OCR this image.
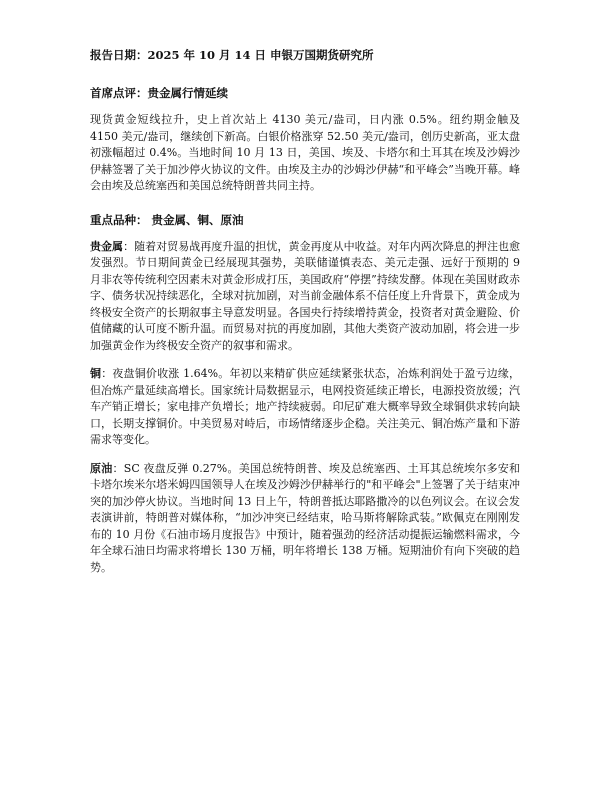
报告日期：2025 年 10 月 14 日 申银万国期货研究所
首席点评：贵金属行情延续

现货黄金短线拉升，史上首次站上 4130 美元/盎司，日内涨 0.5%。纽约期金触及 4150 美元/盎司，继续创下新高。白银价格涨穿 52.50 美元/盎司，创历史新高，亚太盘初涨幅超过 0.4%。当地时间 10 月 13 日，美国、埃及、卡塔尔和土耳其在埃及沙姆沙伊赫签署了关于加沙停火协议的文件。由埃及主办的沙姆沙伊赫“和平峰会”当晚开幕。峰会由埃及总统塞西和美国总统特朗普共同主持。

重点品种： 贵金属、铜、原油

贵金属：随着对贸易战再度升温的担忧，黄金再度从中收益。对年内两次降息的押注也愈发强烈。节日期间黄金已经展现其强势，美联储谨慎表态、美元走强、远好于预期的 9 月非农等传统利空因素未对黄金形成打压，美国政府“停摆”持续发酵。体现在美国财政赤字、债务状况持续恶化，全球对抗加剧，对当前金融体系不信任度上升背景下，黄金成为终极安全资产的长期叙事主导意发明显。各国央行持续增持黄金，投资者对黄金避险、价值储藏的认可度不断升温。而贸易对抗的再度加剧，其他大类资产波动加剧，将会进一步加强黄金作为终极安全资产的叙事和需求。

铜：夜盘铜价收涨 1.64%。年初以来精矿供应延续紧张状态，冶炼利润处于盈亏边缘，但冶炼产量延续高增长。国家统计局数据显示，电网投资延续正增长，电源投资放缓；汽车产销正增长；家电排产负增长；地产持续疲弱。印尼矿难大概率导致全球铜供求转向缺口，长期支撑铜价。中美贸易对峙后，市场情绪逐步企稳。关注美元、铜冶炼产量和下游需求等变化。

原油：SC 夜盘反弹 0.27%。美国总统特朗普、埃及总统塞西、土耳其总统埃尔多安和卡塔尔埃米尔塔米姆四国领导人在埃及沙姆沙伊赫举行的"和平峰会"上签署了关于结束冲突的加沙停火协议。当地时间 13 日上午，特朗普抵达耶路撒冷的以色列议会。在议会发表演讲前，特朗普对媒体称，“加沙冲突已经结束，哈马斯将解除武装。”欧佩克在刚刚发布的 10 月份《石油市场月度报告》中预计，随着强劲的经济活动提振运输燃料需求，今年全球石油日均需求将增长 130 万桶，明年将增长 138 万桶。短期油价有向下突破的趋势。
